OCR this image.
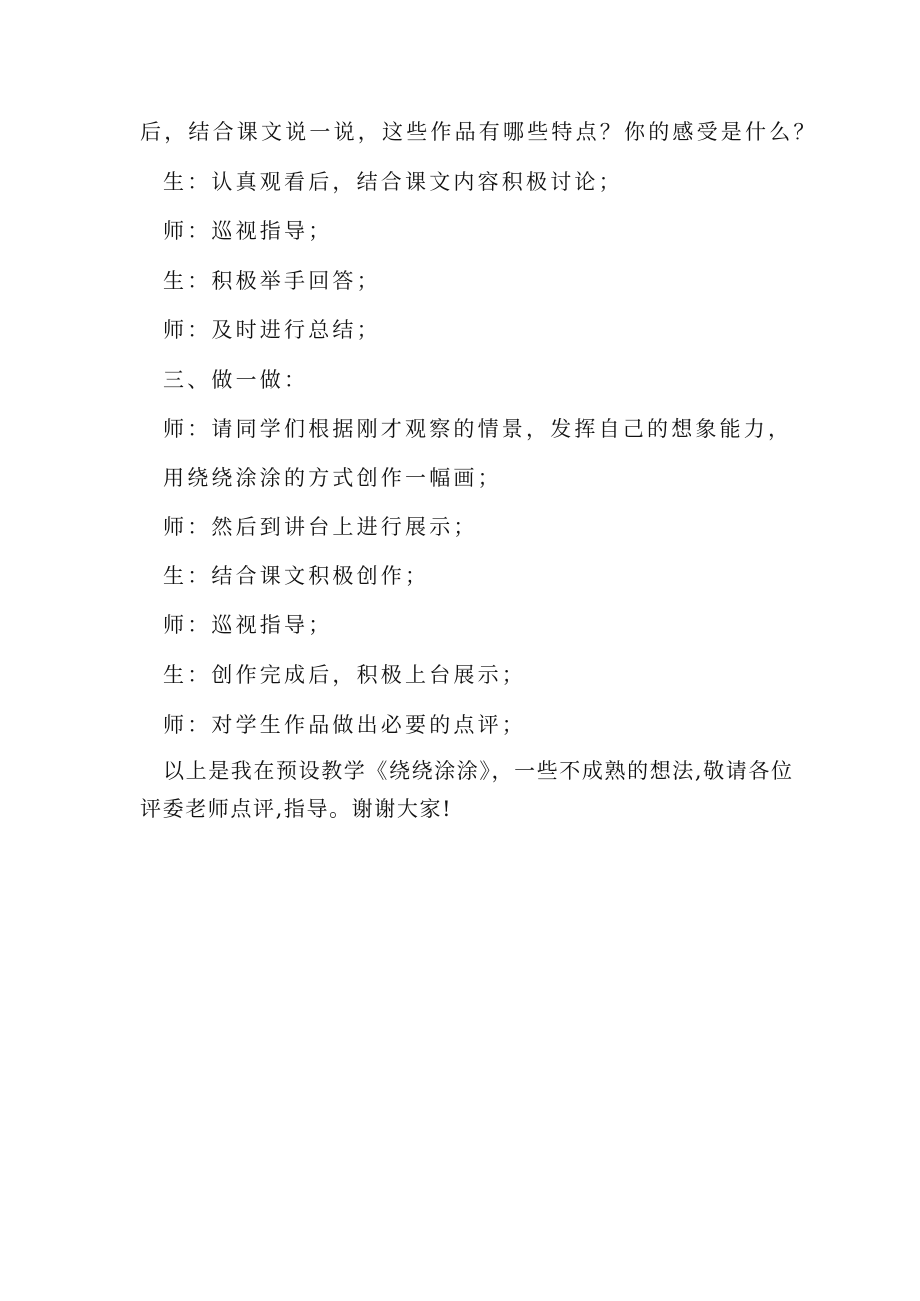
后，结合课文说一说，这些作品有哪些特点？你的感受是什么？
生：认真观看后，结合课文内容积极讨论；
师：巡视指导；
生：积极举手回答；
师：及时进行总结；
三、做一做：
师：请同学们根据刚才观察的情景，发挥自己的想象能力，
用绕绕涂涂的方式创作一幅画；
师：然后到讲台上进行展示；
生：结合课文积极创作；
师：巡视指导；
生：创作完成后，积极上台展示；
师：对学生作品做出必要的点评；
以上是我在预设教学《绕绕涂涂》，一些不成熟的想法,敬请各位
评委老师点评,指导。谢谢大家!
